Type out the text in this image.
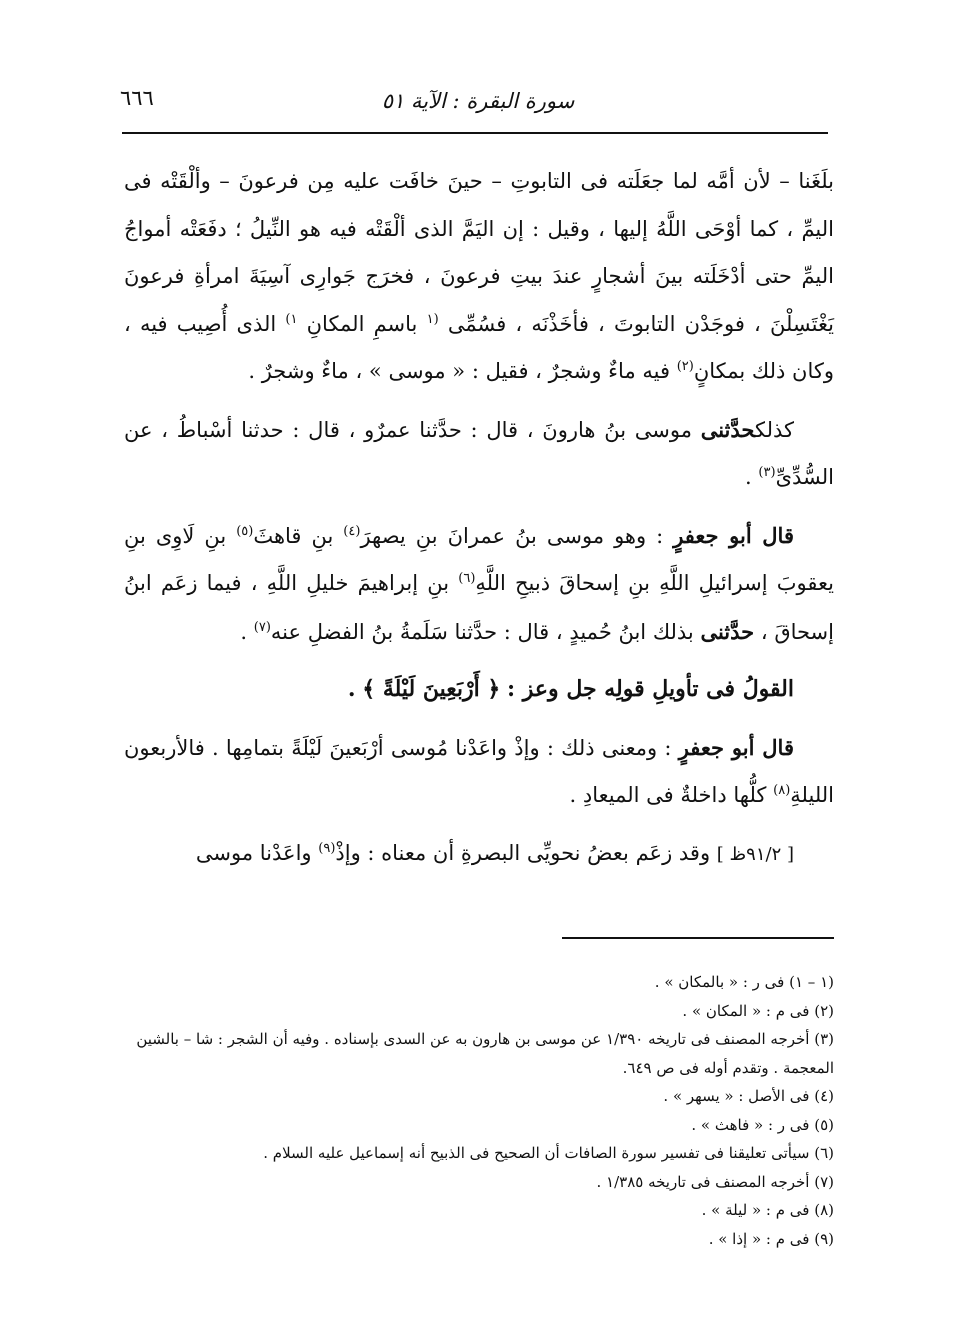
سورة البقرة : الآية ٥١
٦٦٦

بلَغَنا – لأن أمَّه لما جعَلَته فى التابوتِ – حينَ خافَت عليه مِن فرعونَ – وألْقَتْه فى اليمِّ ، كما أوْحَى اللَّهُ إليها ، وقيل : إن اليَمَّ الذى ألْقَتْه فيه هو النِّيلُ ؛ دفَعَتْه أمواجُ اليمِّ حتى أدْخَلَته بينَ أشجارٍ عندَ بيتِ فرعونَ ، فخرَج جَوارِى آسِيَةَ امرأةِ فرعونَ يَغْتَسِلْنَ ، فوجَدْن التابوتَ ، فأخَذْنَه ، فسُمِّى $^{(١}$ باسمِ المكانِ $^{١)}$ الذى أُصِيب فيه ، وكان ذلك بمكانٍ$^{(٢)}$ فيه ماءٌ وشجرٌ ، فقيل : « موسى » ، ماءٌ وشجرٌ .

كذلكحدَّثنى موسى بنُ هارونَ ، قال : حدَّثنا عمرٌو ، قال : حدثنا أسْباطُ ، عن السُّدِّىِّ$^{(٣)}$ .

قال أبو جعفرٍ : وهو موسى بنُ عمرانَ بنِ يصهرَ$^{(٤)}$ بنِ قاهثَ$^{(٥)}$ بنِ لَاوِى بنِ يعقوبَ إسرائيلِ اللَّهِ بنِ إسحاقَ ذبيحِ اللَّهِ$^{(٦)}$ بنِ إبراهيمَ خليلِ اللَّهِ ، فيما زعَم ابنُ إسحاقَ ، حدَّثنى بذلك ابنُ حُميدٍ ، قال : حدَّثنا سَلَمةُ بنُ الفضلِ عنه$^{(٧)}$ .

القولُ فى تأويلِ قولِه جل وعز : ﴿ أَرْبَعِينَ لَيْلَةً ﴾ .

قال أبو جعفرٍ : ومعنى ذلك : وإذْ واعَدْنا مُوسى أرْبَعينَ لَيْلَةً بتمامِها . فالأربعون الليلةِ$^{(٨)}$ كلُّها داخلةٌ فى الميعادِ .

[ ٩١/٢ظ ] وقد زعَم بعضُ نحويِّى البصرةِ أن معناه : وإذْ$^{(٩)}$ واعَدْنا موسى

(١ – ١) فى ر : « بالمكان » .
(٢) فى م : « المكان » .
(٣) أخرجه المصنف فى تاريخه ١/٣٩٠ عن موسى بن هارون به عن السدى بإسناده . وفيه أن الشجر : شا – بالشين المعجمة . وتقدم أوله فى ص ٦٤٩.
(٤) فى الأصل : « يسهر » .
(٥) فى ر : « فاهث » .
(٦) سيأتى تعليقنا فى تفسير سورة الصافات أن الصحيح فى الذبيح أنه إسماعيل عليه السلام .
(٧) أخرجه المصنف فى تاريخه ١/٣٨٥ .
(٨) فى م : « ليلة » .
(٩) فى م : « إذا » .
